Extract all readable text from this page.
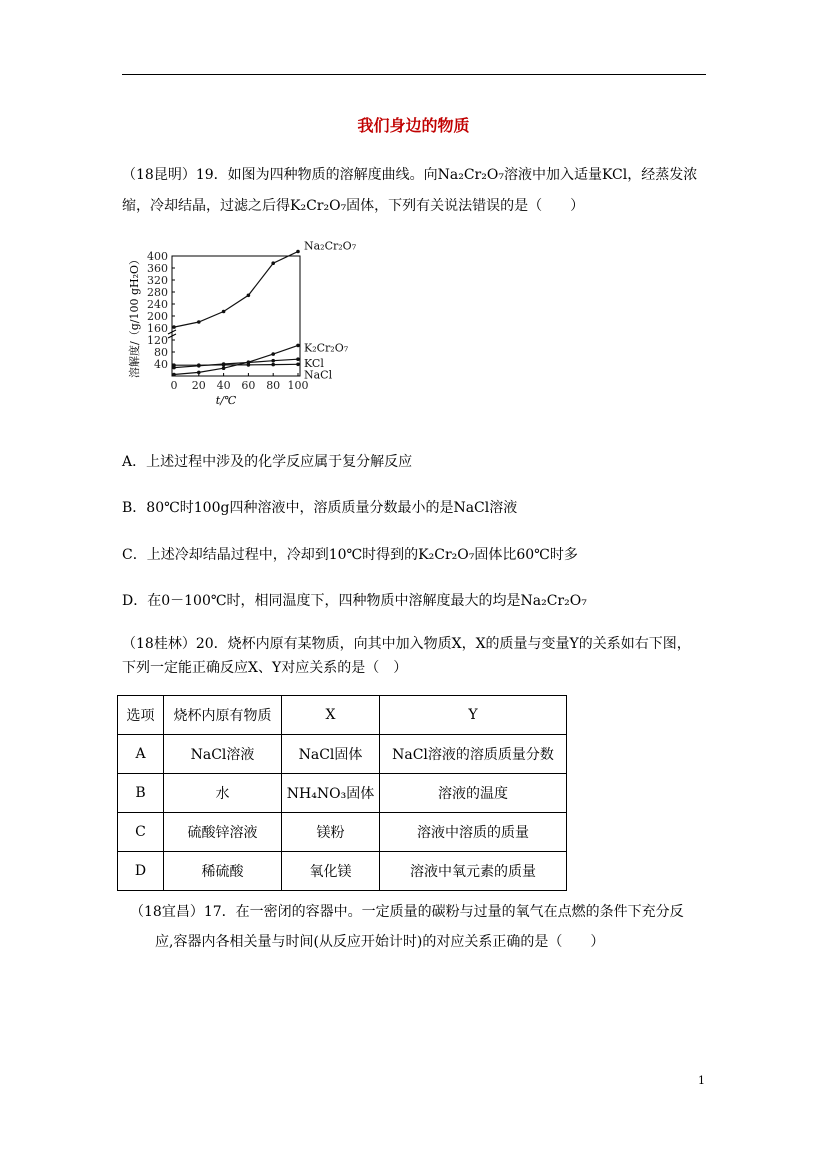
我们身边的物质
（18昆明）19．如图为四种物质的溶解度曲线。向Na₂Cr₂O₇溶液中加入适量KCl，经蒸发浓
缩，冷却结晶，过滤之后得K₂Cr₂O₇固体，下列有关说法错误的是（　　）
40
80
120
160
200
240
280
320
360
400
0 20 40 60 80 100
t/℃
溶解度/（g/100 gH₂O）
Na₂Cr₂O₇
K₂Cr₂O₇
KCl
NaCl
A．上述过程中涉及的化学反应属于复分解反应
B．80℃时100g四种溶液中，溶质质量分数最小的是NaCl溶液
C．上述冷却结晶过程中，冷却到10℃时得到的K₂Cr₂O₇固体比60℃时多
D．在0－100℃时，相同温度下，四种物质中溶解度最大的均是Na₂Cr₂O₇
（18桂林）20．烧杯内原有某物质，向其中加入物质X，X的质量与变量Y的关系如右下图，
下列一定能正确反应X、Y对应关系的是（　）
选项	烧杯内原有物质	X	Y
A	NaCl溶液	NaCl固体	NaCl溶液的溶质质量分数
B	水	NH₄NO₃固体	溶液的温度
C	硫酸锌溶液	镁粉	溶液中溶质的质量
D	稀硫酸	氧化镁	溶液中氧元素的质量
（18宜昌）17．在一密闭的容器中。一定质量的碳粉与过量的氧气在点燃的条件下充分反
应,容器内各相关量与时间(从反应开始计时)的对应关系正确的是（　　）
1
